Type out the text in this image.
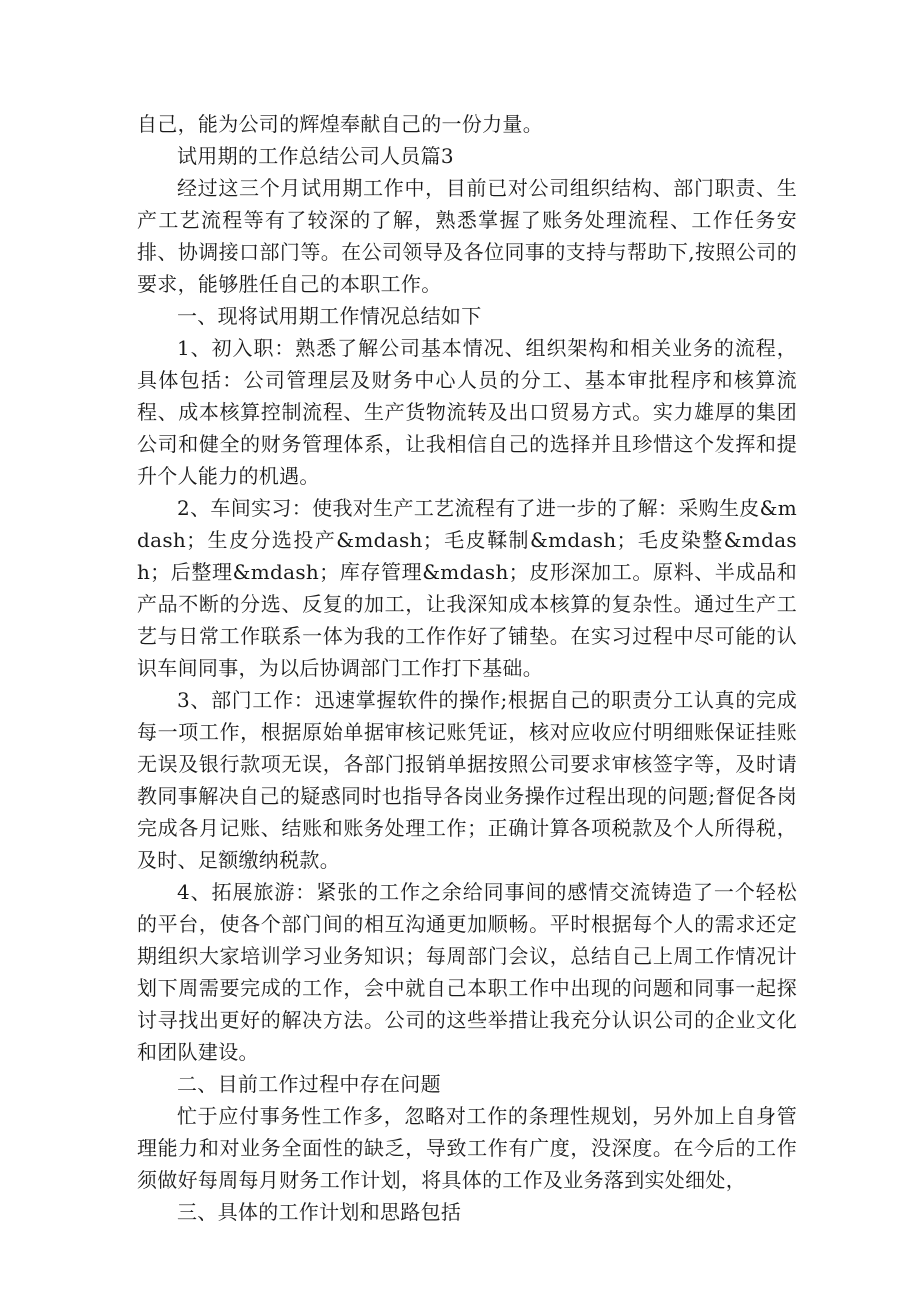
自己，能为公司的辉煌奉献自己的一份力量。

试用期的工作总结公司人员篇3

经过这三个月试用期工作中，目前已对公司组织结构、部门职责、生产工艺流程等有了较深的了解，熟悉掌握了账务处理流程、工作任务安排、协调接口部门等。在公司领导及各位同事的支持与帮助下,按照公司的要求，能够胜任自己的本职工作。

一、现将试用期工作情况总结如下

1、初入职：熟悉了解公司基本情况、组织架构和相关业务的流程，具体包括：公司管理层及财务中心人员的分工、基本审批程序和核算流程、成本核算控制流程、生产货物流转及出口贸易方式。实力雄厚的集团公司和健全的财务管理体系，让我相信自己的选择并且珍惜这个发挥和提升个人能力的机遇。

2、车间实习：使我对生产工艺流程有了进一步的了解：采购生皮&mdash；生皮分选投产&mdash；毛皮鞣制&mdash；毛皮染整&mdash；后整理&mdash；库存管理&mdash；皮形深加工。原料、半成品和产品不断的分选、反复的加工，让我深知成本核算的复杂性。通过生产工艺与日常工作联系一体为我的工作作好了铺垫。在实习过程中尽可能的认识车间同事，为以后协调部门工作打下基础。

3、部门工作：迅速掌握软件的操作;根据自己的职责分工认真的完成每一项工作，根据原始单据审核记账凭证，核对应收应付明细账保证挂账无误及银行款项无误，各部门报销单据按照公司要求审核签字等，及时请教同事解决自己的疑惑同时也指导各岗业务操作过程出现的问题;督促各岗完成各月记账、结账和账务处理工作；正确计算各项税款及个人所得税，及时、足额缴纳税款。

4、拓展旅游：紧张的工作之余给同事间的感情交流铸造了一个轻松的平台，使各个部门间的相互沟通更加顺畅。平时根据每个人的需求还定期组织大家培训学习业务知识；每周部门会议，总结自己上周工作情况计划下周需要完成的工作，会中就自己本职工作中出现的问题和同事一起探讨寻找出更好的解决方法。公司的这些举措让我充分认识公司的企业文化和团队建设。

二、目前工作过程中存在问题

忙于应付事务性工作多，忽略对工作的条理性规划，另外加上自身管理能力和对业务全面性的缺乏，导致工作有广度，没深度。在今后的工作须做好每周每月财务工作计划，将具体的工作及业务落到实处细处，

三、具体的工作计划和思路包括
